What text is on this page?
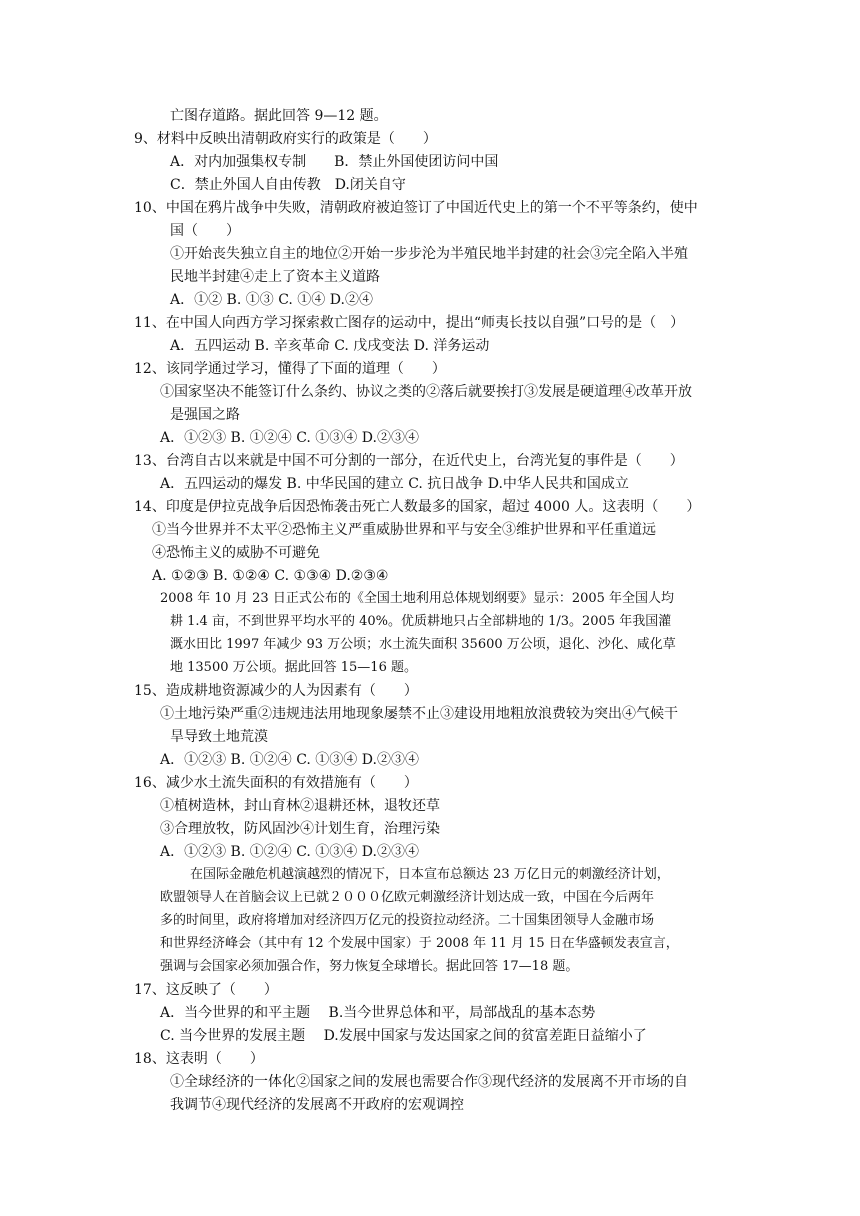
亡图存道路。据此回答 9—12 题。
9、材料中反映出清朝政府实行的政策是（　　）
A．对内加强集权专制　　B．禁止外国使团访问中国
C．禁止外国人自由传教　D.闭关自守
10、中国在鸦片战争中失败，清朝政府被迫签订了中国近代史上的第一个不平等条约，使中
国（　　）
①开始丧失独立自主的地位②开始一步步沦为半殖民地半封建的社会③完全陷入半殖
民地半封建④走上了资本主义道路
A．①② B. ①③ C. ①④ D.②④
11、在中国人向西方学习探索救亡图存的运动中，提出“师夷长技以自强”口号的是（　）
A．五四运动 B. 辛亥革命 C. 戊戌变法 D. 洋务运动
12、该同学通过学习，懂得了下面的道理（　　）
①国家坚决不能签订什么条约、协议之类的②落后就要挨打③发展是硬道理④改革开放
是强国之路
A．①②③ B. ①②④ C. ①③④ D.②③④
13、台湾自古以来就是中国不可分割的一部分，在近代史上，台湾光复的事件是（　　）
A．五四运动的爆发 B. 中华民国的建立 C. 抗日战争 D.中华人民共和国成立
14、印度是伊拉克战争后因恐怖袭击死亡人数最多的国家，超过 4000 人。这表明（　　）
①当今世界并不太平②恐怖主义严重威胁世界和平与安全③维护世界和平任重道远
④恐怖主义的威胁不可避免
A. ①②③ B. ①②④ C. ①③④ D.②③④
2008 年 10 月 23 日正式公布的《全国土地利用总体规划纲要》显示：2005 年全国人均
耕 1.4 亩，不到世界平均水平的 40%。优质耕地只占全部耕地的 1/3。2005 年我国灌
溉水田比 1997 年减少 93 万公顷；水土流失面积 35600 万公顷，退化、沙化、咸化草
地 13500 万公顷。据此回答 15—16 题。
15、造成耕地资源减少的人为因素有（　　）
①土地污染严重②违规违法用地现象屡禁不止③建设用地粗放浪费较为突出④气候干
旱导致土地荒漠
A．①②③ B. ①②④ C. ①③④ D.②③④
16、减少水土流失面积的有效措施有（　　）
①植树造林，封山育林②退耕还林，退牧还草
③合理放牧，防风固沙④计划生育，治理污染
A．①②③ B. ①②④ C. ①③④ D.②③④
在国际金融危机越演越烈的情况下，日本宣布总额达 23 万亿日元的刺激经济计划，
欧盟领导人在首脑会议上已就２０００亿欧元刺激经济计划达成一致，中国在今后两年
多的时间里，政府将增加对经济四万亿元的投资拉动经济。二十国集团领导人金融市场
和世界经济峰会（其中有 12 个发展中国家）于 2008 年 11 月 15 日在华盛顿发表宣言，
强调与会国家必须加强合作，努力恢复全球增长。据此回答 17—18 题。
17、这反映了（　　）
A．当今世界的和平主题　 B.当今世界总体和平，局部战乱的基本态势
C. 当今世界的发展主题　 D.发展中国家与发达国家之间的贫富差距日益缩小了
18、这表明（　　）
①全球经济的一体化②国家之间的发展也需要合作③现代经济的发展离不开市场的自
我调节④现代经济的发展离不开政府的宏观调控
